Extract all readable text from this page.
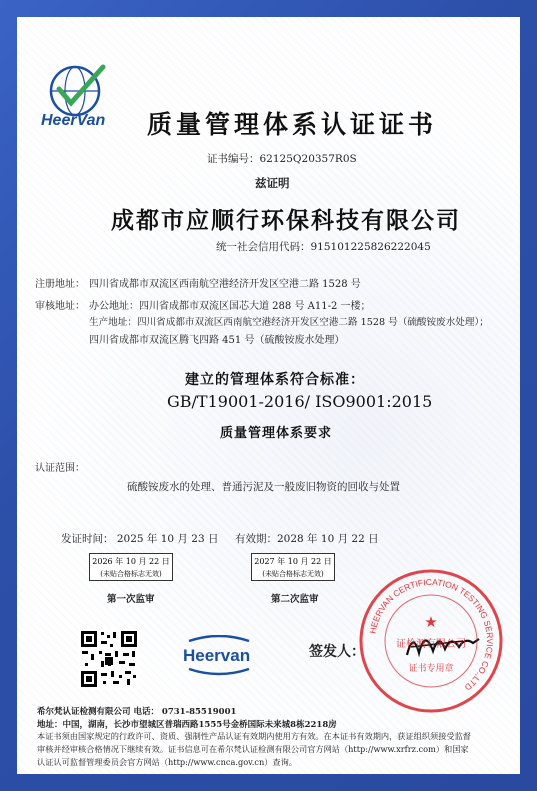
HeerVan 质量管理体系认证证书
证书编号：62125Q20357R0S
兹证明
成都市应顺行环保科技有限公司
统一社会信用代码：915101225826222045
注册地址： 四川省成都市双流区西南航空港经济开发区空港二路 1528 号
审核地址： 办公地址：四川省成都市双流区国芯大道 288 号 A11-2 一楼；
生产地址：四川省成都市双流区西南航空港经济开发区空港二路 1528 号（硫酸铵废水处理）；
四川省成都市双流区腾飞四路 451 号（硫酸铵废水处理）
建立的管理体系符合标准：
GB/T19001-2016/ ISO9001:2015
质量管理体系要求
认证范围：
硫酸铵废水的处理、普通污泥及一般废旧物资的回收与处置
发证时间： 2025 年 10 月 23 日 有效期：2028 年 10 月 22 日
2026 年 10 月 22 日
(未贴合格标志无效)
第一次监审
2027 年 10 月 22 日
(未贴合格标志无效)
第二次监审
Heervan	签发人：
HEERVAN CERTIFICATION TESTING SERVICE CO.,LTD
★
证检测有限公司
证书专用章
希尔梵认证检测有限公司 电话： 0731-85519001
地址：中国，湖南，长沙市望城区普瑞西路1555号金桥国际未来城8栋2218房
本证书须由国家规定的行政许可、资质、强制性产品认证有效期内使用方有效。在本证书有效期内，获证组织须接受监督
审核并经审核合格情况下继续有效。证书信息可在希尔梵认证检测有限公司官方网站（http://www.xrfrz.com）和国家
认证认可监督管理委员会官方网站（http://www.cnca.gov.cn）查询。
